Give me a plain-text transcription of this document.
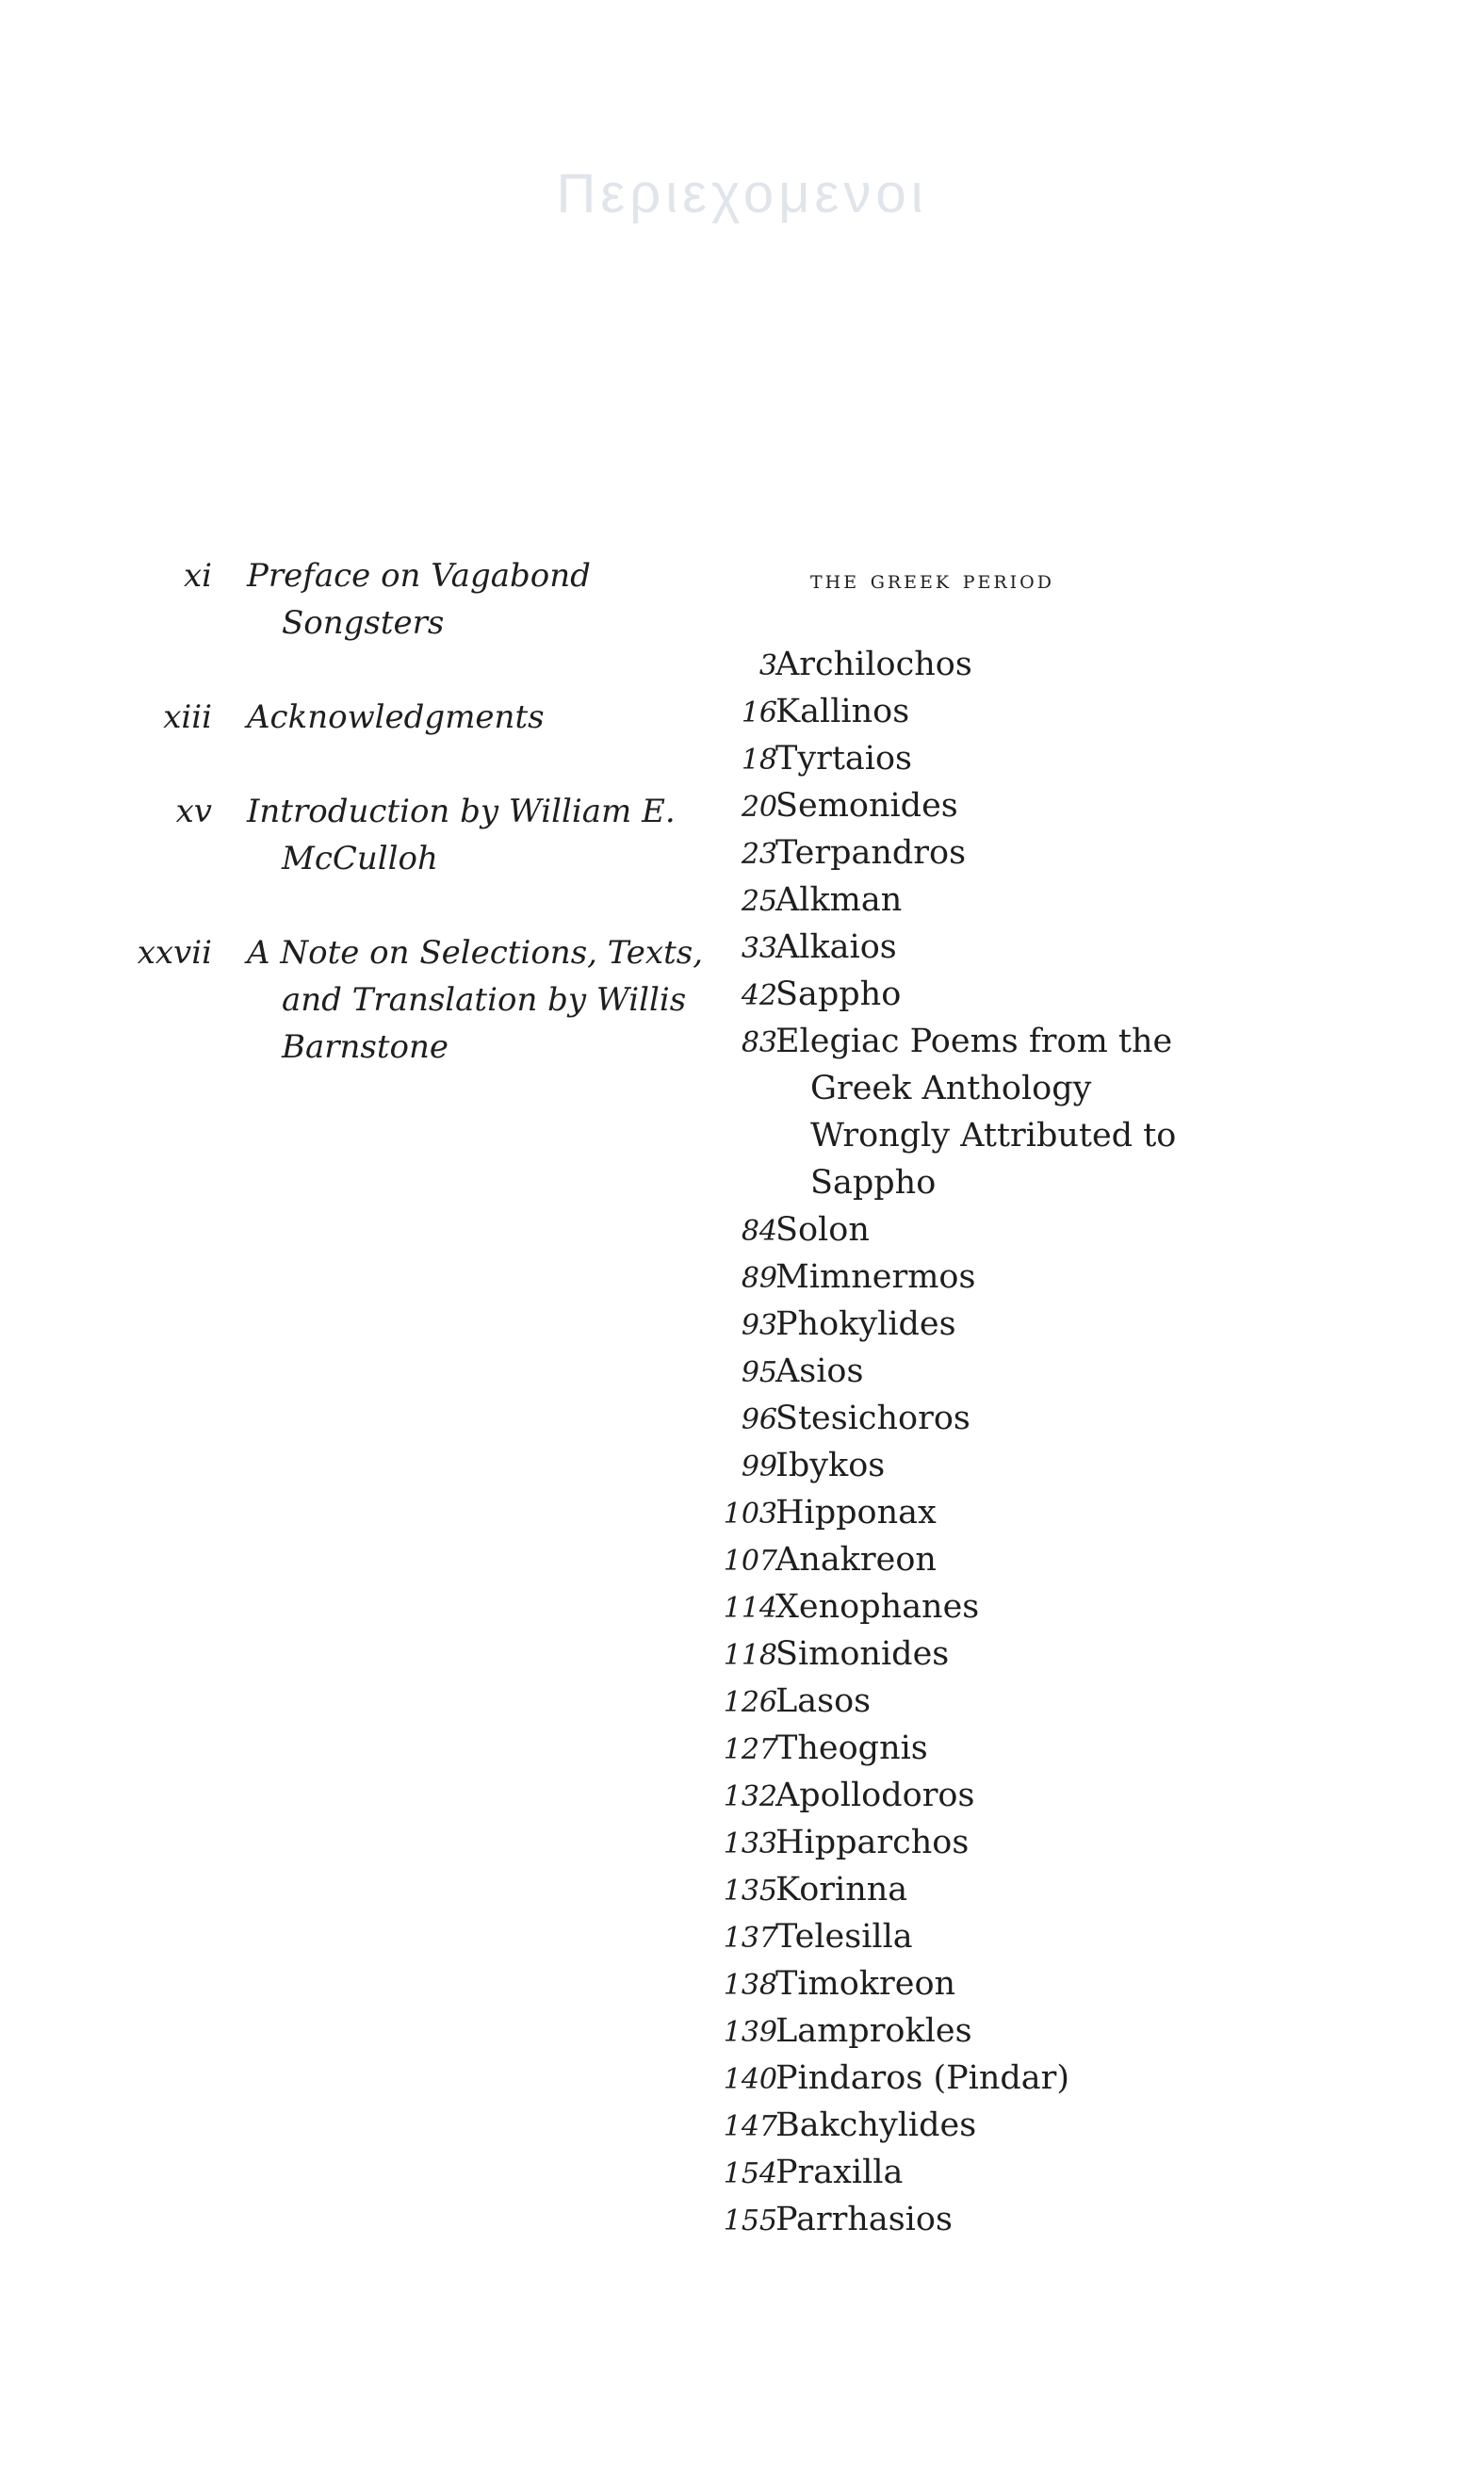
Περιεχομενοι
xi Preface on Vagabond Songsters
xiii Acknowledgments
xv Introduction by William E. McCulloh
xxvii A Note on Selections, Texts, and Translation by Willis Barnstone
the greek period
3
Archilochos
16
Kallinos
18
Tyrtaios
20
Semonides
23
Terpandros
25
Alkman
33
Alkaios
42
Sappho
83
Elegiac Poems from the Greek Anthology Wrongly Attributed to Sappho
84
Solon
89
Mimnermos
93
Phokylides
95
Asios
96
Stesichoros
99
Ibykos
103
Hipponax
107
Anakreon
114
Xenophanes
118
Simonides
126
Lasos
127
Theognis
132
Apollodoros
133
Hipparchos
135
Korinna
137
Telesilla
138
Timokreon
139
Lamprokles
140
Pindaros (Pindar)
147
Bakchylides
154
Praxilla
155
Parrhasios
